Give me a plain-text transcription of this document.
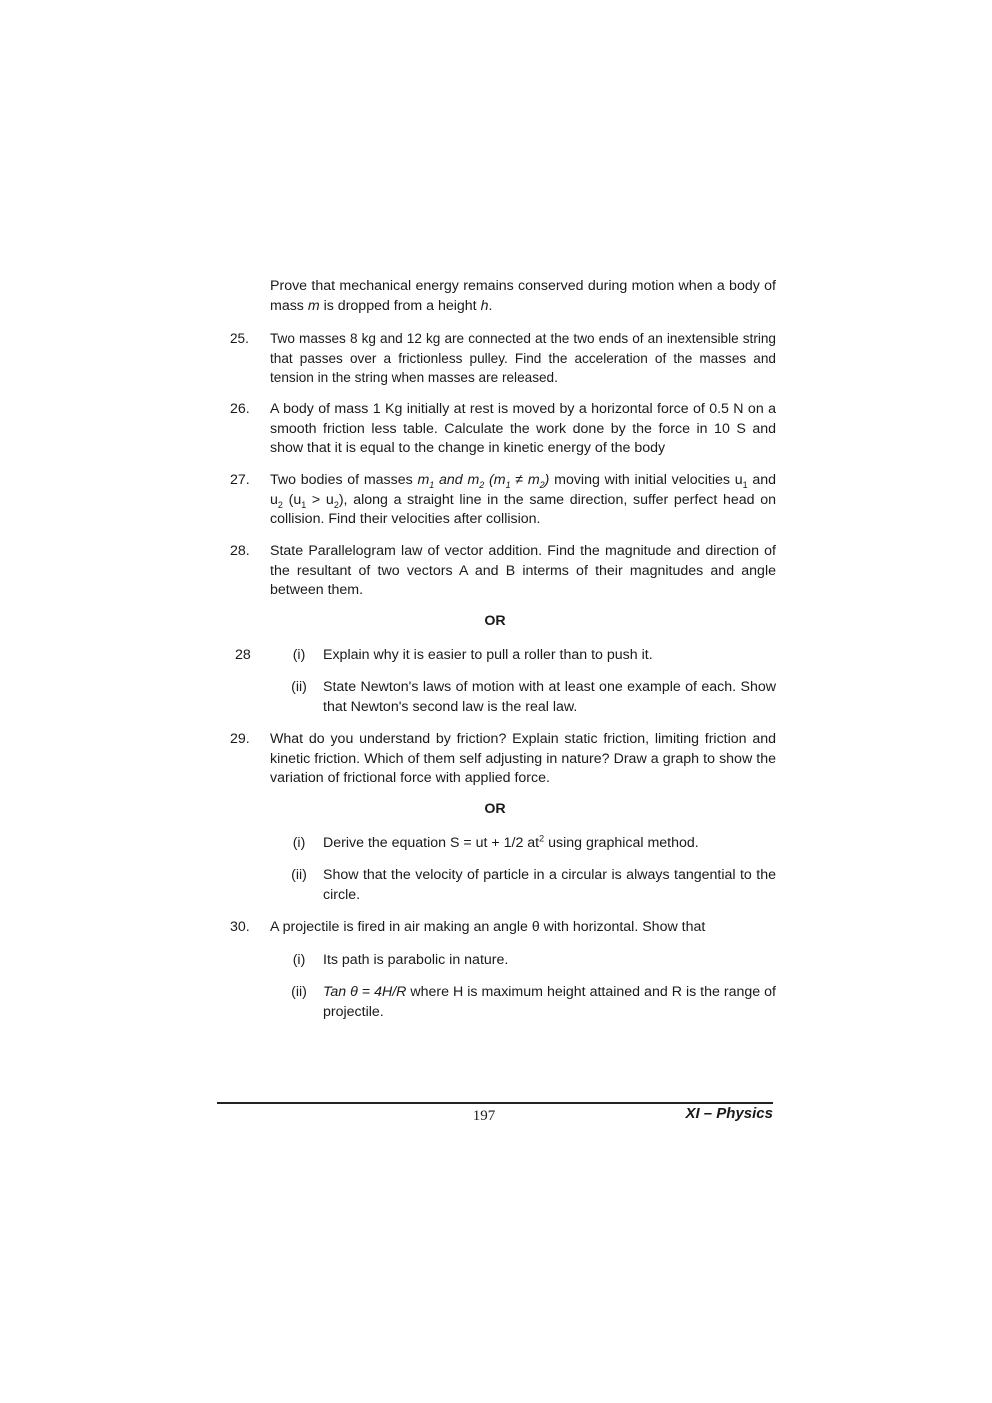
Prove that mechanical energy remains conserved during motion when a body of mass m is dropped from a height h.
25. Two masses 8 kg and 12 kg are connected at the two ends of an inextensible string that passes over a frictionless pulley. Find the acceleration of the masses and tension in the string when masses are released.
26. A body of mass 1 Kg initially at rest is moved by a horizontal force of 0.5 N on a smooth friction less table. Calculate the work done by the force in 10 S and show that it is equal to the change in kinetic energy of the body
27. Two bodies of masses $m_1$ and $m_2$ $(m_1 \ne m_2)$ moving with initial velocities $u_1$ and $u_2$ $(u_1 > u_2)$, along a straight line in the same direction, suffer perfect head on collision. Find their velocities after collision.
28. State Parallelogram law of vector addition. Find the magnitude and direction of the resultant of two vectors A and B interms of their magnitudes and angle between them.
OR
28	(i)	Explain why it is easier to pull a roller than to push it.
(ii)	State Newton's laws of motion with at least one example of each. Show that Newton's second law is the real law.
29. What do you understand by friction? Explain static friction, limiting friction and kinetic friction. Which of them self adjusting in nature? Draw a graph to show the variation of frictional force with applied force.
OR
(i)	Derive the equation S = ut + 1/2 $at^2$ using graphical method.
(ii)	Show that the velocity of particle in a circular is always tangential to the circle.
30. A projectile is fired in air making an angle θ with horizontal. Show that
(i)	Its path is parabolic in nature.
(ii)	Tan θ = 4H/R where H is maximum height attained and R is the range of projectile.
197	XI – Physics
